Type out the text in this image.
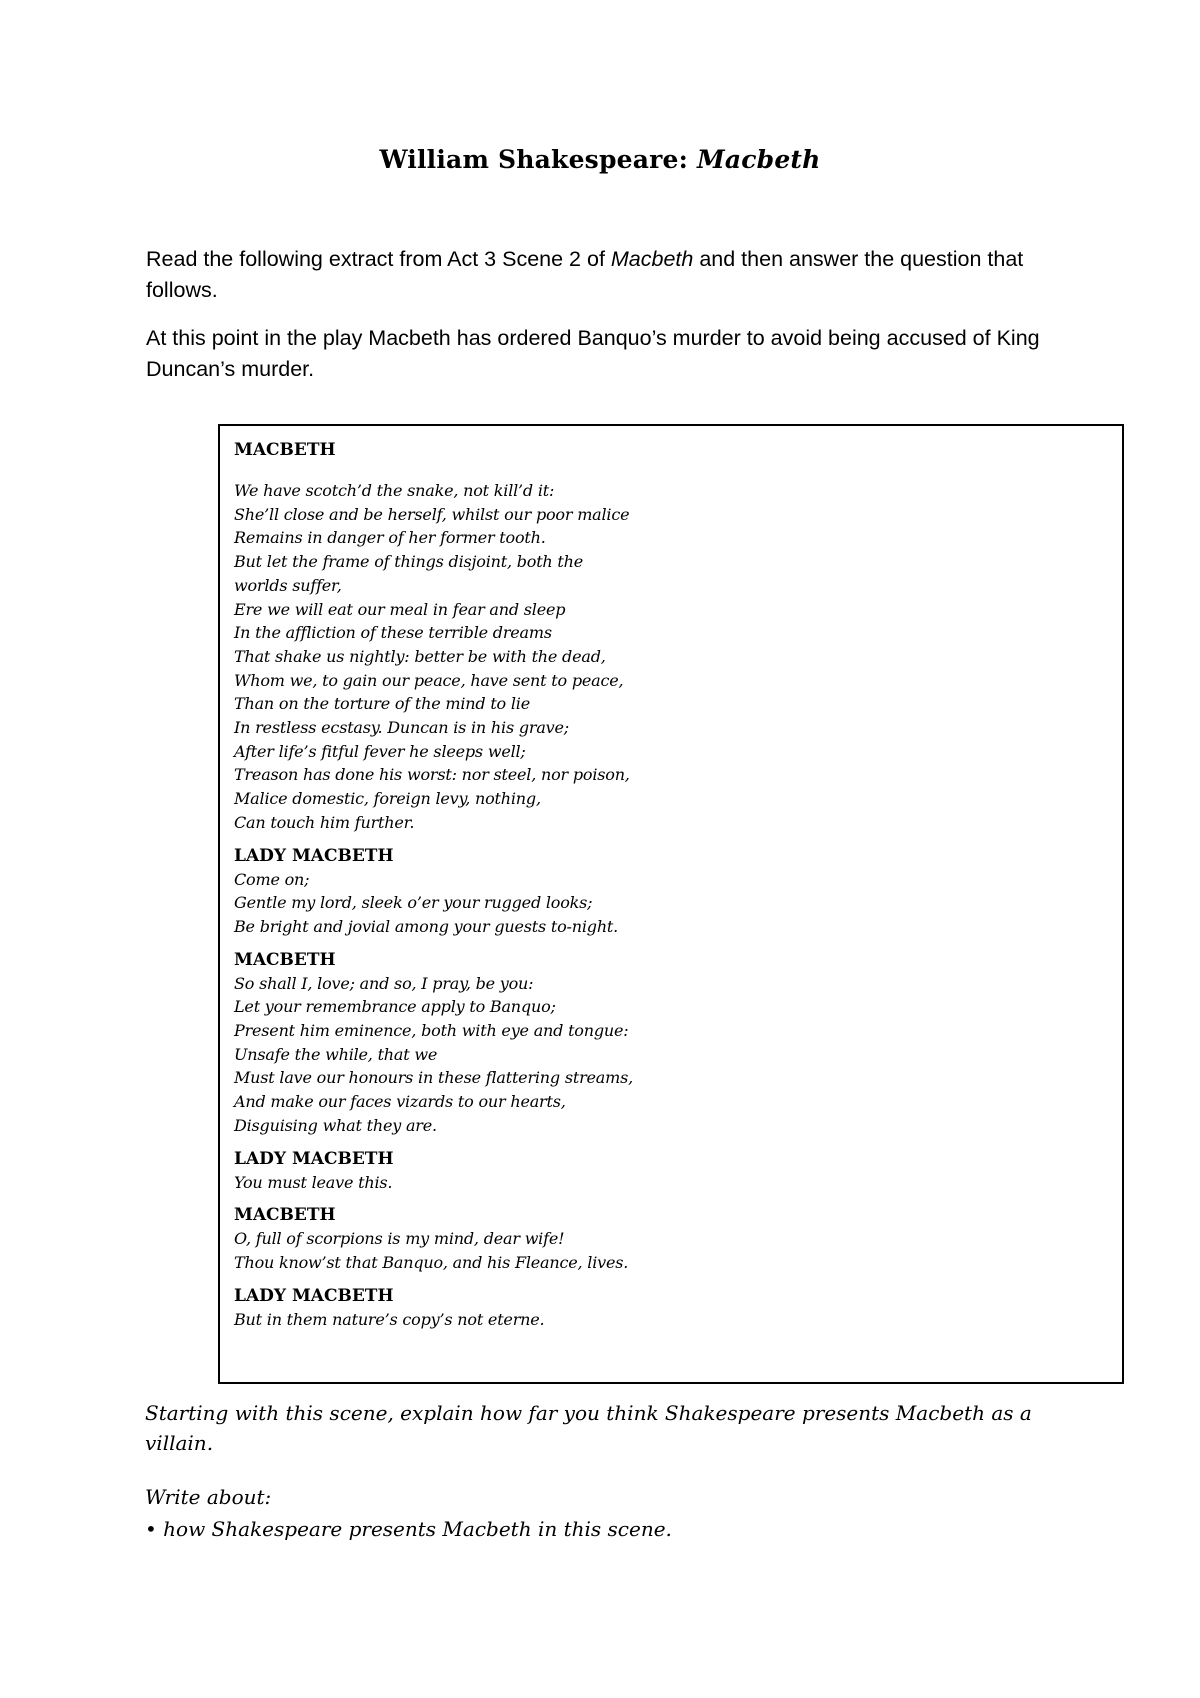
William Shakespeare: Macbeth
Read the following extract from Act 3 Scene 2 of Macbeth and then answer the question that follows.
At this point in the play Macbeth has ordered Banquo’s murder to avoid being accused of King Duncan’s murder.
MACBETH
We have scotch’d the snake, not kill’d it:
She’ll close and be herself, whilst our poor malice
Remains in danger of her former tooth.
But let the frame of things disjoint, both the
worlds suffer,
Ere we will eat our meal in fear and sleep
In the affliction of these terrible dreams
That shake us nightly: better be with the dead,
Whom we, to gain our peace, have sent to peace,
Than on the torture of the mind to lie
In restless ecstasy. Duncan is in his grave;
After life’s fitful fever he sleeps well;
Treason has done his worst: nor steel, nor poison,
Malice domestic, foreign levy, nothing,
Can touch him further.
LADY MACBETH
Come on;
Gentle my lord, sleek o’er your rugged looks;
Be bright and jovial among your guests to-night.
MACBETH
So shall I, love; and so, I pray, be you:
Let your remembrance apply to Banquo;
Present him eminence, both with eye and tongue:
Unsafe the while, that we
Must lave our honours in these flattering streams,
And make our faces vizards to our hearts,
Disguising what they are.
LADY MACBETH
You must leave this.
MACBETH
O, full of scorpions is my mind, dear wife!
Thou know’st that Banquo, and his Fleance, lives.
LADY MACBETH
But in them nature’s copy’s not eterne.
Starting with this scene, explain how far you think Shakespeare presents Macbeth as a villain.
Write about:
• how Shakespeare presents Macbeth in this scene.
